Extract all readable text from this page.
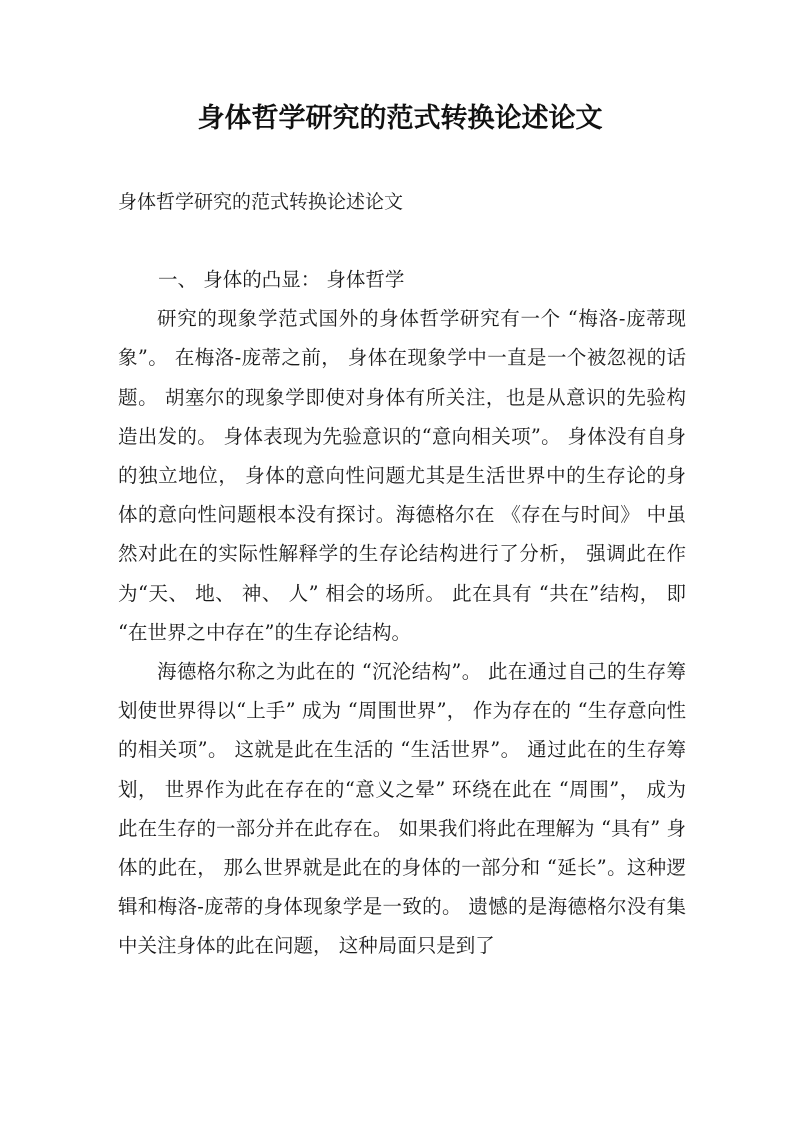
身体哲学研究的范式转换论述论文
身体哲学研究的范式转换论述论文

一、 身体的凸显： 身体哲学

研究的现象学范式国外的身体哲学研究有一个 “梅洛-庞蒂现象”。 在梅洛-庞蒂之前， 身体在现象学中一直是一个被忽视的话题。 胡塞尔的现象学即使对身体有所关注，也是从意识的先验构造出发的。 身体表现为先验意识的“意向相关项”。 身体没有自身的独立地位， 身体的意向性问题尤其是生活世界中的生存论的身体的意向性问题根本没有探讨。海德格尔在 《存在与时间》 中虽然对此在的实际性解释学的生存论结构进行了分析， 强调此在作为“天、 地、 神、 人” 相会的场所。 此在具有 “共在”结构， 即 “在世界之中存在”的生存论结构。

海德格尔称之为此在的 “沉沦结构”。 此在通过自己的生存筹划使世界得以“上手” 成为 “周围世界”， 作为存在的 “生存意向性的相关项”。 这就是此在生活的 “生活世界”。 通过此在的生存筹划， 世界作为此在存在的“意义之晕” 环绕在此在 “周围”， 成为此在生存的一部分并在此存在。 如果我们将此在理解为 “具有” 身体的此在， 那么世界就是此在的身体的一部分和 “延长”。这种逻辑和梅洛-庞蒂的身体现象学是一致的。 遗憾的是海德格尔没有集中关注身体的此在问题， 这种局面只是到了
